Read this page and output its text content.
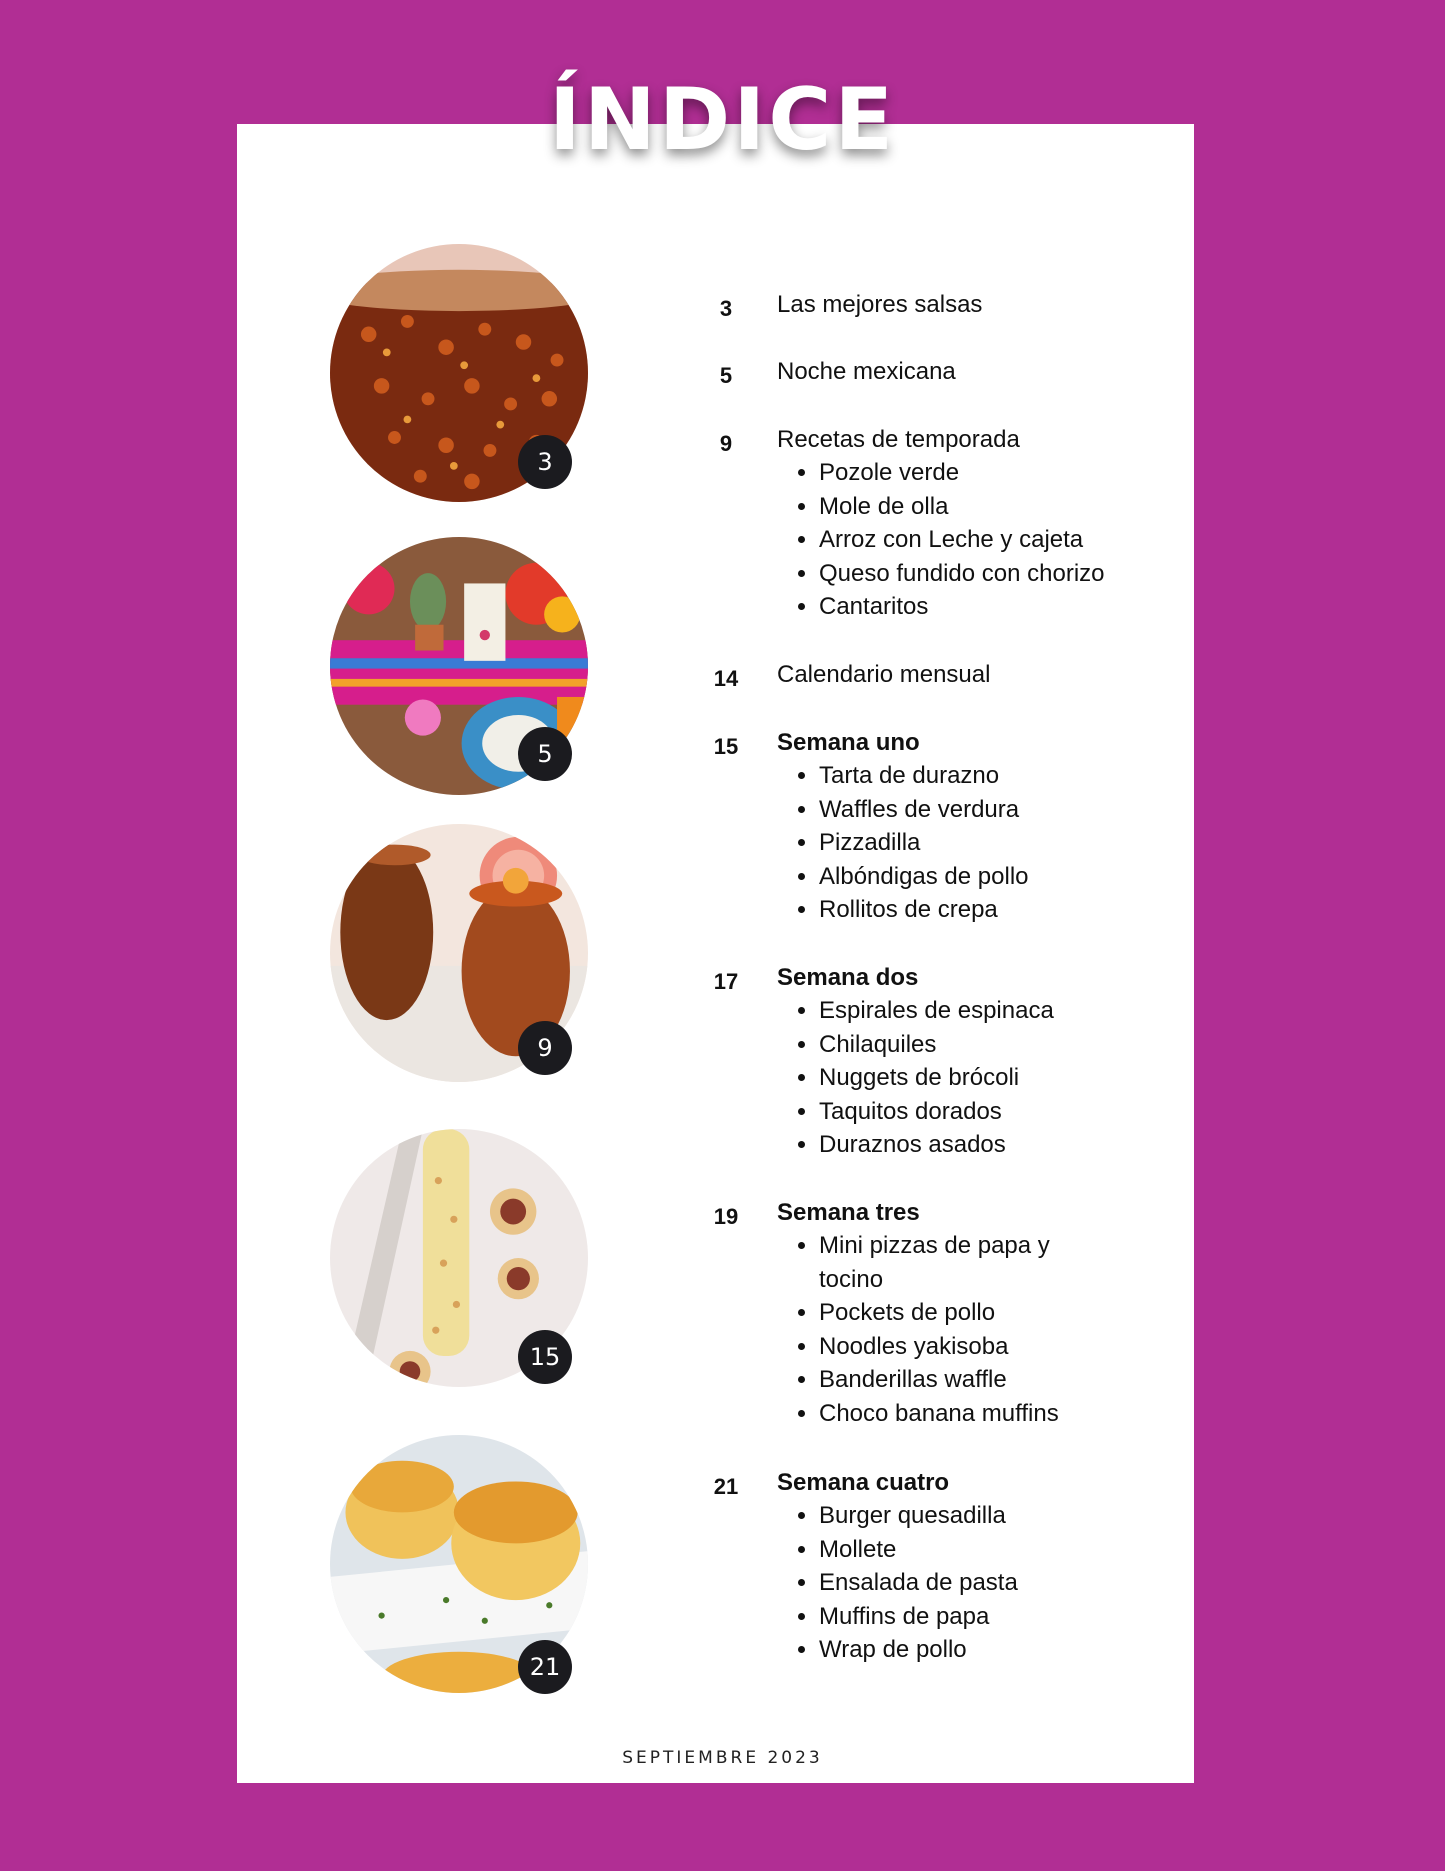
ÍNDICE
3
5
9
15
21
3	Las mejores salsas
5	Noche mexicana
9	Recetas de temporada
• Pozole verde
• Mole de olla
• Arroz con Leche y cajeta
• Queso fundido con chorizo
• Cantaritos
14	Calendario mensual
15	Semana uno
• Tarta de durazno
• Waffles de verdura
• Pizzadilla
• Albóndigas de pollo
• Rollitos de crepa
17	Semana dos
• Espirales de espinaca
• Chilaquiles
• Nuggets de brócoli
• Taquitos dorados
• Duraznos asados
19	Semana tres
• Mini pizzas de papa y tocino
• Pockets de pollo
• Noodles yakisoba
• Banderillas waffle
• Choco banana muffins
21	Semana cuatro
• Burger quesadilla
• Mollete
• Ensalada de pasta
• Muffins de papa
• Wrap de pollo
SEPTIEMBRE 2023
